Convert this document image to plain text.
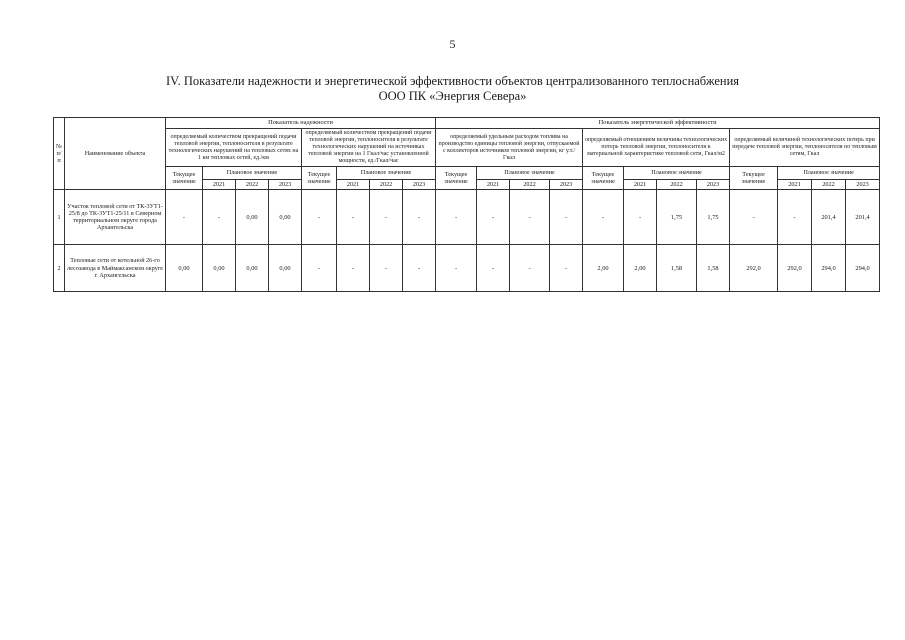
5
IV. Показатели надежности и энергетической эффективности объектов централизованного теплоснабжения
ООО ПК «Энергия Севера»
№ п/п	Наименование объекта	Показатель надежности								Показатель энергетической эффективности											
		определяемый количеством прекращений подачи тепловой энергии, теплоносителя в результате технологических нарушений на тепловых сетях на 1 км тепловых сетей, ед./км				определяемый количеством прекращений подачи тепловой энергии, теплоносителя в результате технологических нарушений на источниках тепловой энергии на 1 Гкал/час установленной мощности, ед./Гкал/час				определяемый удельным расходом топлива на производство единицы тепловой энергии, отпускаемой с коллекторов источников тепловой энергии, кг у.т./Гкал				определяемый отношением величины технологических потерь тепловой энергии, теплоносителя к материальной характеристике тепловой сети, Гкал/м2				определяемый величиной технологических потерь при передаче тепловой энергии, теплоносителя по тепловым сетям, Гкал			
		Текущее значение	Плановое значение			Текущее значение	Плановое значение			Текущее значение	Плановое значение			Текущее значение	Плановое значение			Текущее значение	Плановое значение		
			2021	2022	2023		2021	2022	2023		2021	2022	2023		2021	2022	2023		2021	2022	2023
1	Участок тепловой сети от ТК-3УТ1-25/8 до ТК-3УТ1-25/11 в Северном территориальном округе города Архангельска	-	-	0,00	0,00	-	-	-	-	-	-	-	-	-	-	1,75	1,75	-	-	201,4	201,4
2	Тепловые сети от котельной 26-го лесозавода в Маймаксанском округе г. Архангельска	0,00	0,00	0,00	0,00	-	-	-	-	-	-	-	-	2,00	2,00	1,58	1,58	292,0	292,0	294,0	294,0
